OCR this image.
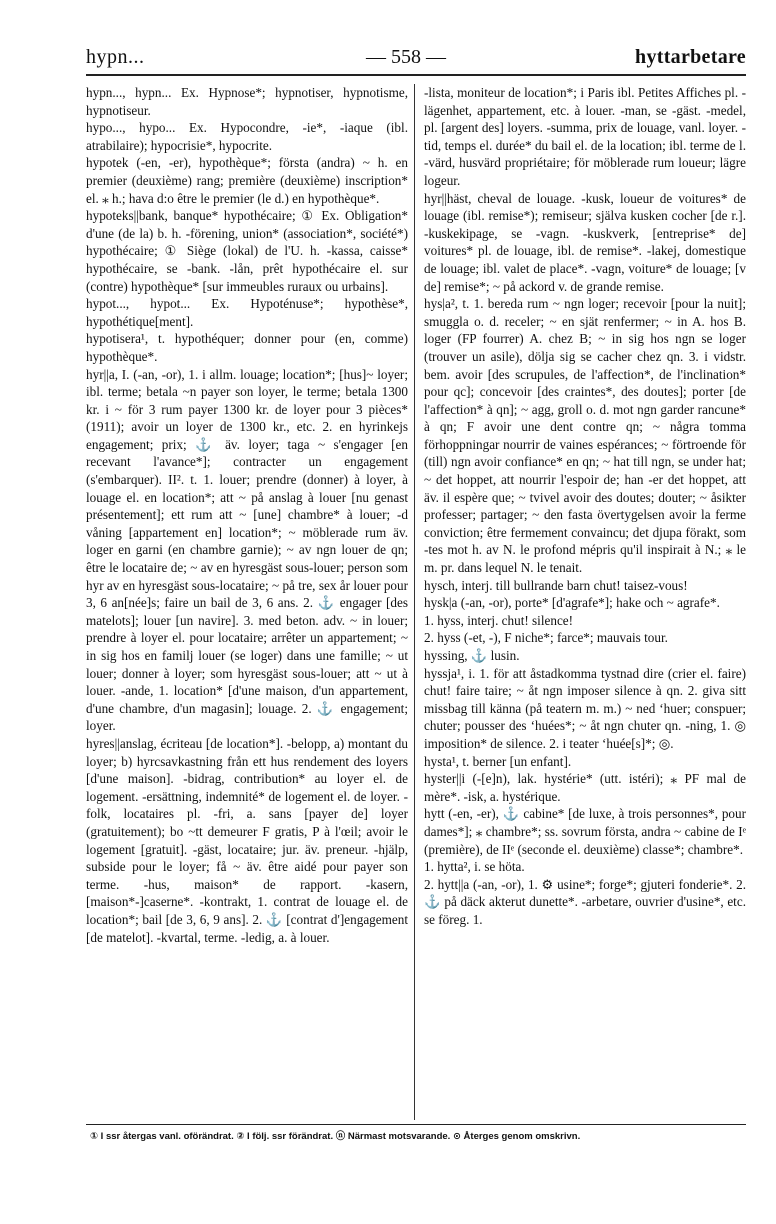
hypn...	— 558 —	hyttarbetare

hypn..., hypn... Ex. Hypnose*; hypnotiser, hypnotisme, hypnotiseur.

hypo..., hypo... Ex. Hypocondre, -ie*, -iaque (ibl. atrabilaire); hypocrisie*, hypocrite.

hypotek (-en, -er), hypothèque*; första (andra) ~ h. en premier (deuxième) rang; première (deuxième) inscription* el. ⁎ h.; hava d:o être le premier (le d.) en hypothèque*.

hypoteks||bank, banque* hypothécaire; ① Ex. Obligation* d'une (de la) b. h. -förening, union* (association*, société*) hypothécaire; ① Siège (lokal) de l'U. h. -kassa, caisse* hypothécaire, se -bank. -lån, prêt hypothécaire el. sur (contre) hypothèque* [sur immeubles ruraux ou urbains].

hypot..., hypot... Ex. Hypoténuse*; hypothèse*, hypothétique[ment].

hypotisera¹, t. hypothéquer; donner pour (en, comme) hypothèque*.

hyr||a, I. (-an, -or), 1. i allm. louage; location*; [hus]~ loyer; ibl. terme; betala ~n payer son loyer, le terme; betala 1300 kr. i ~ för 3 rum payer 1300 kr. de loyer pour 3 pièces* (1911); avoir un loyer de 1300 kr., etc. 2. en hyrinkejs engagement; prix; ⚓ äv. loyer; taga ~ s'engager [en recevant l'avance*]; contracter un engagement (s'embarquer). II². t. 1. louer; prendre (donner) à loyer, à louage el. en location*; att ~ på anslag à louer [nu genast présentement]; ett rum att ~ [une] chambre* à louer; -d våning [appartement en] location*; ~ möblerade rum äv. loger en garni (en chambre garnie); ~ av ngn louer de qn; être le locataire de; ~ av en hyresgäst sous-louer; person som hyr av en hyresgäst sous-locataire; ~ på tre, sex år louer pour 3, 6 an[née]s; faire un bail de 3, 6 ans. 2. ⚓ engager [des matelots]; louer [un navire]. 3. med beton. adv. ~ in louer; prendre à loyer el. pour locataire; arrêter un appartement; ~ in sig hos en familj louer (se loger) dans une famille; ~ ut louer; donner à loyer; som hyresgäst sous-louer; att ~ ut à louer. -ande, 1. location* [d'une maison, d'un appartement, d'une chambre, d'un magasin]; louage. 2. ⚓ engagement; loyer.

hyres||anslag, écriteau [de location*]. -belopp, a) montant du loyer; b) hyrcsavkastning från ett hus rendement des loyers [d'une maison]. -bidrag, contribution* au loyer el. de logement. -ersättning, indemnité* de logement el. de loyer. -folk, locataires pl. -fri, a. sans [payer de] loyer (gratuitement); bo ~tt demeurer F gratis, P à l'œil; avoir le logement [gratuit]. -gäst, locataire; jur. äv. preneur. -hjälp, subside pour le loyer; få ~ äv. être aidé pour payer son terme. -hus, maison* de rapport. -kasern, [maison*-]caserne*. -kontrakt, 1. contrat de louage el. de location*; bail [de 3, 6, 9 ans]. 2. ⚓ [contrat d']engagement [de matelot]. -kvartal, terme. -ledig, a. à louer.

-lista, moniteur de location*; i Paris ibl. Petites Affiches pl. -lägenhet, appartement, etc. à louer. -man, se -gäst. -medel, pl. [argent des] loyers. -summa, prix de louage, vanl. loyer. -tid, temps el. durée* du bail el. de la location; ibl. terme de l. -värd, husvärd propriétaire; för möblerade rum loueur; lägre logeur.

hyr||häst, cheval de louage. -kusk, loueur de voitures* de louage (ibl. remise*); remiseur; själva kusken cocher [de r.]. -kuskekipage, se -vagn. -kuskverk, [entreprise* de] voitures* pl. de louage, ibl. de remise*. -lakej, domestique de louage; ibl. valet de place*. -vagn, voiture* de louage; [v de] remise*; ~ på ackord v. de grande remise.

hys|a², t. 1. bereda rum ~ ngn loger; recevoir [pour la nuit]; smuggla o. d. receler; ~ en sjät renfermer; ~ in A. hos B. loger (FP fourrer) A. chez B; ~ in sig hos ngn se loger (trouver un asile), dölja sig se cacher chez qn. 3. i vidstr. bem. avoir [des scrupules, de l'affection*, de l'inclination* pour qc]; concevoir [des craintes*, des doutes]; porter [de l'affection* à qn]; ~ agg, groll o. d. mot ngn garder rancune* à qn; F avoir une dent contre qn; ~ några tomma förhoppningar nourrir de vaines espérances; ~ förtroende för (till) ngn avoir confiance* en qn; ~ hat till ngn, se under hat; ~ det hoppet, att nourrir l'espoir de; han -er det hoppet, att äv. il espère que; ~ tvivel avoir des doutes; douter; ~ åsikter professer; partager; ~ den fasta övertygelsen avoir la ferme conviction; être fermement convaincu; det djupa förakt, som -tes mot h. av N. le profond mépris qu'il inspirait à N.; ⁎ le m. pr. dans lequel N. le tenait.

hysch, interj. till bullrande barn chut! taisez-vous!

hysk|a (-an, -or), porte* [d'agrafe*]; hake och ~ agrafe*.

1. hyss, interj. chut! silence!

2. hyss (-et, -), F niche*; farce*; mauvais tour.

hyssing, ⚓ lusin.

hyssja¹, i. 1. för att åstadkomma tystnad dire (crier el. faire) chut! faire taire; ~ åt ngn imposer silence à qn. 2. giva sitt missbag till känna (på teatern m. m.) ~ ned ʻhuer; conspuer; chuter; pousser des ʻhuées*; ~ åt ngn chuter qn. -ning, 1. ◎ imposition* de silence. 2. i teater ʻhuée[s]*; ◎.

hysta¹, t. berner [un enfant].

hyster||i (-[e]n), lak. hystérie* (utt. istéri); ⁎ PF mal de mère*. -isk, a. hystérique.

hytt (-en, -er), ⚓ cabine* [de luxe, à trois personnes*, pour dames*]; ⁎ chambre*; ss. sovrum första, andra ~ cabine de Iᵉ (première), de IIᵉ (seconde el. deuxième) classe*; chambre*.

1. hytta², i. se höta.

2. hytt||a (-an, -or), 1. ⚙ usine*; forge*; gjuteri fonderie*. 2. ⚓ på däck akterut dunette*. -arbetare, ouvrier d'usine*, etc. se föreg. 1.

① I ssr återgas vanl. oförändrat. ② I följ. ssr förändrat. ⓝ Närmast motsvarande. ⊙ Återges genom omskrivn.
